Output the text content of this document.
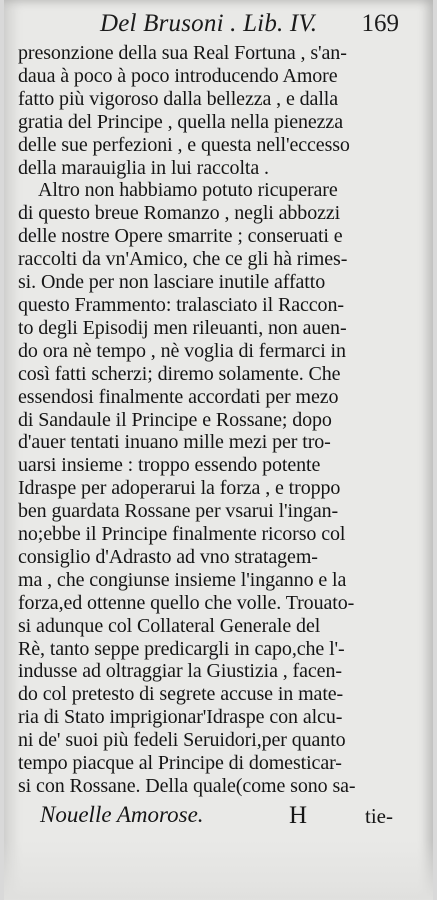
Del Brusoni . Lib. IV. 169
presonzione della sua Real Fortuna , s'an-
daua à poco à poco introducendo Amore
fatto più vigoroso dalla bellezza , e dalla
gratia del Principe , quella nella pienezza
delle sue perfezioni , e questa nell'eccesso
della marauiglia in lui raccolta .
Altro non habbiamo potuto ricuperare
di questo breue Romanzo , negli abbozzi
delle nostre Opere smarrite ; conseruati e
raccolti da vn'Amico, che ce gli hà rimes-
si. Onde per non lasciare inutile affatto
questo Frammento: tralasciato il Raccon-
to degli Episodij men rileuanti, non auen-
do ora nè tempo , nè voglia di fermarci in
così fatti scherzi; diremo solamente. Che
essendosi finalmente accordati per mezo
di Sandaule il Principe e Rossane; dopo
d'auer tentati inuano mille mezi per tro-
uarsi insieme : troppo essendo potente
Idraspe per adoperarui la forza , e troppo
ben guardata Rossane per vsarui l'ingan-
no;ebbe il Principe finalmente ricorso col
consiglio d'Adrasto ad vno stratagem-
ma , che congiunse insieme l'inganno e la
forza,ed ottenne quello che volle. Trouato-
si adunque col Collateral Generale del
Rè, tanto seppe predicargli in capo,che l'-
indusse ad oltraggiar la Giustizia , facen-
do col pretesto di segrete accuse in mate-
ria di Stato imprigionar'Idraspe con alcu-
ni de' suoi più fedeli Seruidori,per quanto
tempo piacque al Principe di domesticar-
si con Rossane. Della quale(come sono sa-
Nouelle Amorose.	H	tie-
